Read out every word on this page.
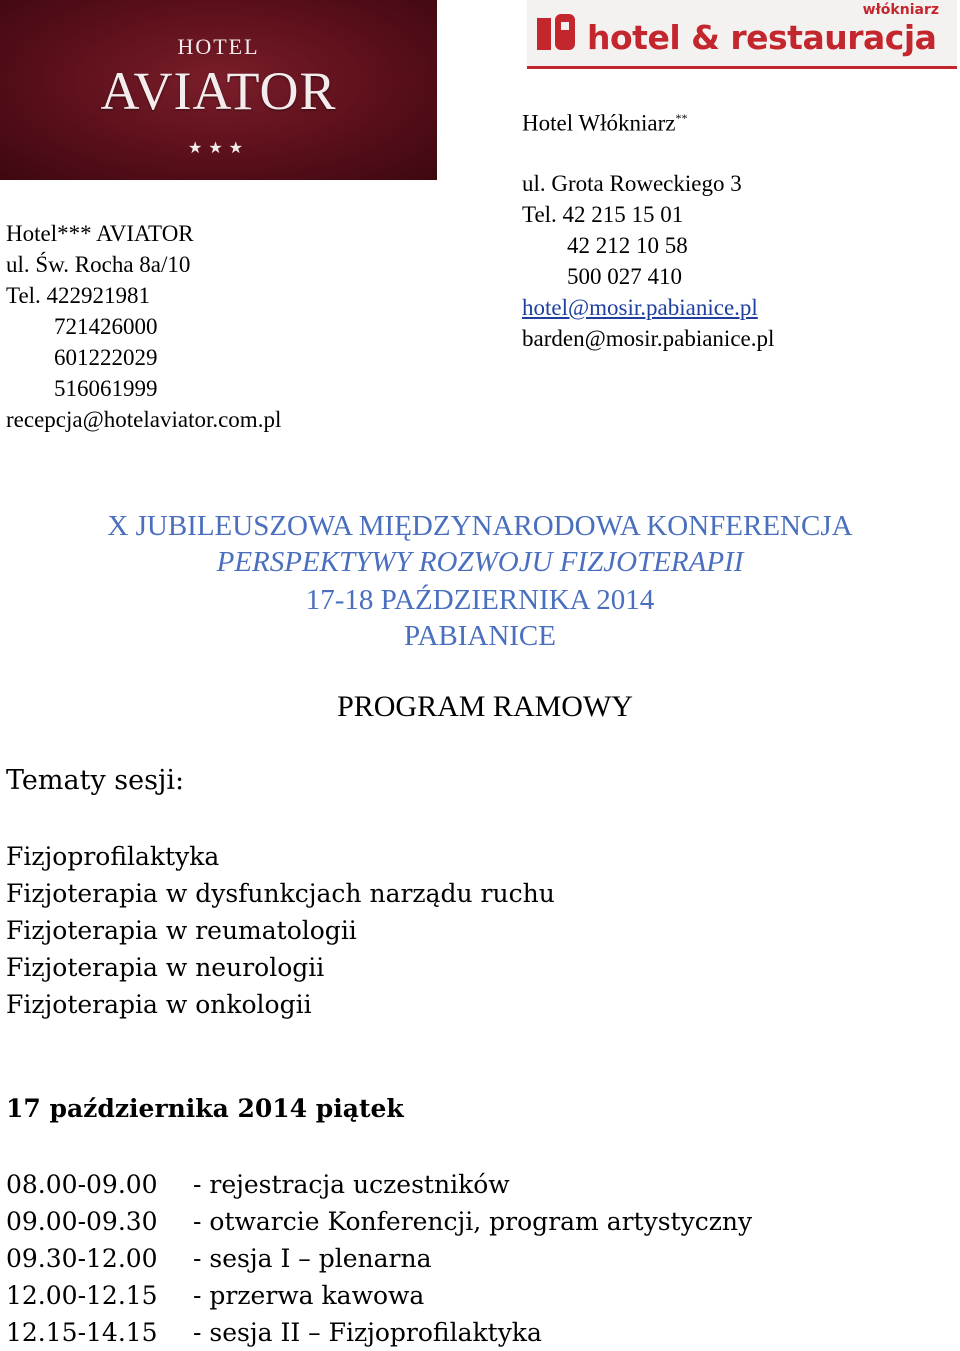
HOTEL
AVIATOR
★★★
włókniarz
hotel & restauracja
Hotel*** AVIATOR
ul. Św. Rocha 8a/10
Tel. 422921981
721426000
601222029
516061999
recepcja@hotelaviator.com.pl
Hotel Włókniarz**
ul. Grota Roweckiego 3
Tel. 42 215 15 01
42 212 10 58
500 027 410
hotel@mosir.pabianice.pl
barden@mosir.pabianice.pl
X JUBILEUSZOWA MIĘDZYNARODOWA KONFERENCJA
PERSPEKTYWY ROZWOJU FIZJOTERAPII
17-18 PAŹDZIERNIKA 2014
PABIANICE
PROGRAM RAMOWY
Tematy sesji:
Fizjoprofilaktyka
Fizjoterapia w dysfunkcjach narządu ruchu
Fizjoterapia w reumatologii
Fizjoterapia w neurologii
Fizjoterapia w onkologii
17 października 2014 piątek
08.00-09.00	- rejestracja uczestników
09.00-09.30	- otwarcie Konferencji, program artystyczny
09.30-12.00	- sesja I – plenarna
12.00-12.15	- przerwa kawowa
12.15-14.15	- sesja II – Fizjoprofilaktyka
